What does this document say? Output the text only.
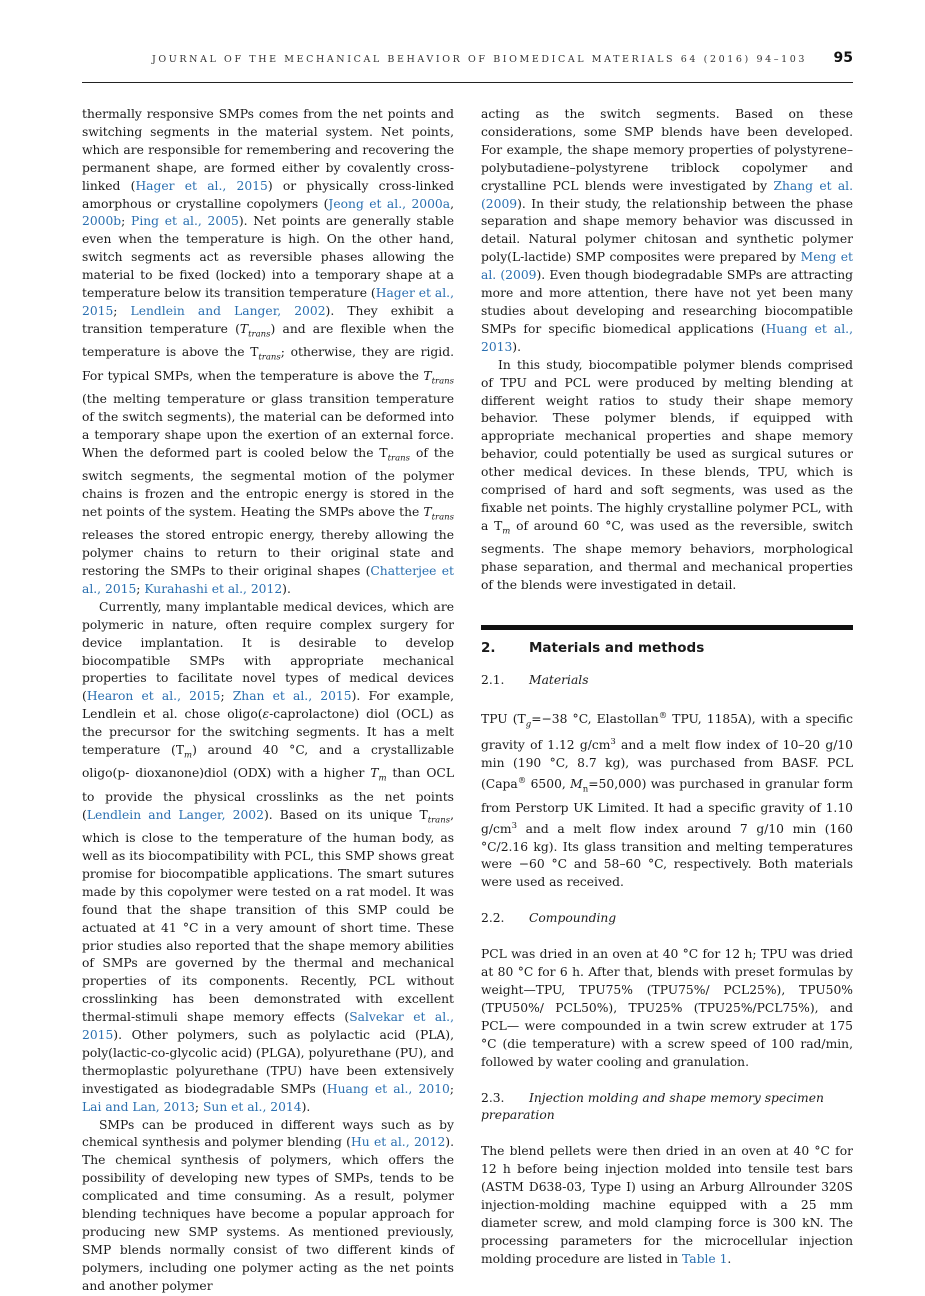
JOURNAL OF THE MECHANICAL BEHAVIOR OF BIOMEDICAL MATERIALS 64 (2016) 94–103 95

thermally responsive SMPs comes from the net points and switching segments in the material system. Net points, which are responsible for remembering and recovering the permanent shape, are formed either by covalently cross-linked (Hager et al., 2015) or physically cross-linked amorphous or crystalline copolymers (Jeong et al., 2000a, 2000b; Ping et al., 2005). Net points are generally stable even when the temperature is high. On the other hand, switch segments act as reversible phases allowing the material to be fixed (locked) into a temporary shape at a temperature below its transition temperature (Hager et al., 2015; Lendlein and Langer, 2002). They exhibit a transition temperature $(T_{trans})$ and are flexible when the temperature is above the $T_{trans}$; otherwise, they are rigid. For typical SMPs, when the temperature is above the $T_{trans}$ (the melting temperature or glass transition temperature of the switch segments), the material can be deformed into a temporary shape upon the exertion of an external force. When the deformed part is cooled below the $T_{trans}$ of the switch segments, the segmental motion of the polymer chains is frozen and the entropic energy is stored in the net points of the system. Heating the SMPs above the $T_{trans}$ releases the stored entropic energy, thereby allowing the polymer chains to return to their original state and restoring the SMPs to their original shapes (Chatterjee et al., 2015; Kurahashi et al., 2012).

Currently, many implantable medical devices, which are polymeric in nature, often require complex surgery for device implantation. It is desirable to develop biocompatible SMPs with appropriate mechanical properties to facilitate novel types of medical devices (Hearon et al., 2015; Zhan et al., 2015). For example, Lendlein et al. chose oligo(ε-caprolactone) diol (OCL) as the precursor for the switching segments. It has a melt temperature $(T_m)$ around 40 °C, and a crystallizable oligo(p- dioxanone)diol (ODX) with a higher $T_m$ than OCL to provide the physical crosslinks as the net points (Lendlein and Langer, 2002). Based on its unique $T_{trans}$, which is close to the temperature of the human body, as well as its biocompatibility with PCL, this SMP shows great promise for biocompatible applications. The smart sutures made by this copolymer were tested on a rat model. It was found that the shape transition of this SMP could be actuated at 41 °C in a very amount of short time. These prior studies also reported that the shape memory abilities of SMPs are governed by the thermal and mechanical properties of its components. Recently, PCL without crosslinking has been demonstrated with excellent thermal-stimuli shape memory effects (Salvekar et al., 2015). Other polymers, such as polylactic acid (PLA), poly(lactic-co-glycolic acid) (PLGA), polyurethane (PU), and thermoplastic polyurethane (TPU) have been extensively investigated as biodegradable SMPs (Huang et al., 2010; Lai and Lan, 2013; Sun et al., 2014).

SMPs can be produced in different ways such as by chemical synthesis and polymer blending (Hu et al., 2012). The chemical synthesis of polymers, which offers the possibility of developing new types of SMPs, tends to be complicated and time consuming. As a result, polymer blending techniques have become a popular approach for producing new SMP systems. As mentioned previously, SMP blends normally consist of two different kinds of polymers, including one polymer acting as the net points and another polymer

acting as the switch segments. Based on these considerations, some SMP blends have been developed. For example, the shape memory properties of polystyrene–polybutadiene–polystyrene triblock copolymer and crystalline PCL blends were investigated by Zhang et al. (2009). In their study, the relationship between the phase separation and shape memory behavior was discussed in detail. Natural polymer chitosan and synthetic polymer poly(L-lactide) SMP composites were prepared by Meng et al. (2009). Even though biodegradable SMPs are attracting more and more attention, there have not yet been many studies about developing and researching biocompatible SMPs for specific biomedical applications (Huang et al., 2013).

In this study, biocompatible polymer blends comprised of TPU and PCL were produced by melting blending at different weight ratios to study their shape memory behavior. These polymer blends, if equipped with appropriate mechanical properties and shape memory behavior, could potentially be used as surgical sutures or other medical devices. In these blends, TPU, which is comprised of hard and soft segments, was used as the fixable net points. The highly crystalline polymer PCL, with a $T_m$ of around 60 °C, was used as the reversible, switch segments. The shape memory behaviors, morphological phase separation, and thermal and mechanical properties of the blends were investigated in detail.

2.	Materials and methods
2.1.	Materials

TPU ($T_g=-38$ °C, Elastollan® TPU, 1185A), with a specific gravity of 1.12 $g/cm^3$ and a melt flow index of 10–20 g/10 min (190 °C, 8.7 kg), was purchased from BASF. PCL (Capa® 6500, $M_n=50,000$) was purchased in granular form from Perstorp UK Limited. It had a specific gravity of 1.10 $g/cm^3$ and a melt flow index around 7 g/10 min (160 °C/2.16 kg). Its glass transition and melting temperatures were −60 °C and 58–60 °C, respectively. Both materials were used as received.

2.2.	Compounding

PCL was dried in an oven at 40 °C for 12 h; TPU was dried at 80 °C for 6 h. After that, blends with preset formulas by weight—TPU, TPU75% (TPU75%/ PCL25%), TPU50% (TPU50%/ PCL50%), TPU25% (TPU25%/PCL75%), and PCL— were compounded in a twin screw extruder at 175 °C (die temperature) with a screw speed of 100 rad/min, followed by water cooling and granulation.

2.3. Injection molding and shape memory specimen preparation

The blend pellets were then dried in an oven at 40 °C for 12 h before being injection molded into tensile test bars (ASTM D638-03, Type I) using an Arburg Allrounder 320S injection-molding machine equipped with a 25 mm diameter screw, and mold clamping force is 300 kN. The processing parameters for the microcellular injection molding procedure are listed in Table 1.
